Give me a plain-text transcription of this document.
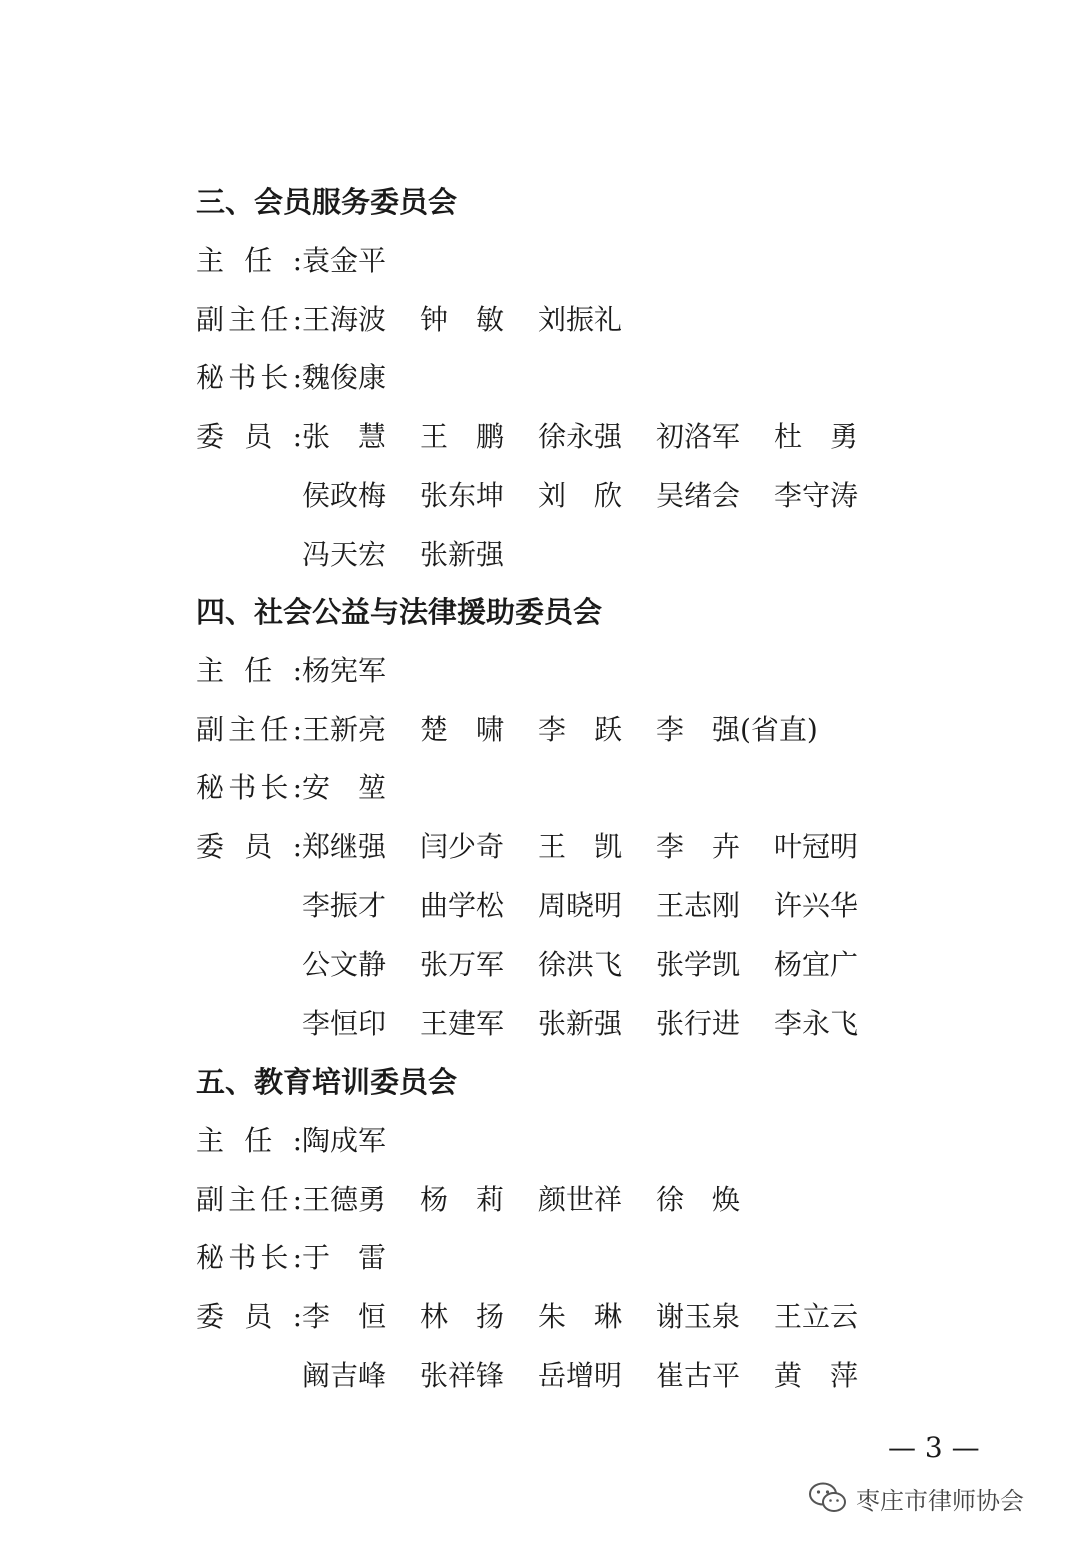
三、会员服务委员会
主 任 : 袁金平
副 主 任 : 王海波 钟　敏 刘振礼
秘 书 长 : 魏俊康
委 员 : 张　慧 王　鹏 徐永强 初洛军 杜　勇
侯政梅 张东坤 刘　欣 吴绪会 李守涛
冯天宏 张新强
四、社会公益与法律援助委员会
主 任 : 杨宪军
副 主 任 : 王新亮 楚　啸 李　跃 李　强(省直)
秘 书 长 : 安　堃
委 员 : 郑继强 闫少奇 王　凯 李　卉 叶冠明
李振才 曲学松 周晓明 王志刚 许兴华
公文静 张万军 徐洪飞 张学凯 杨宜广
李恒印 王建军 张新强 张行进 李永飞
五、教育培训委员会
主 任 : 陶成军
副 主 任 : 王德勇 杨　莉 颜世祥 徐　焕
秘 书 长 : 于　雷
委 员 : 李　恒 林　扬 朱　琳 谢玉泉 王立云
阚吉峰 张祥锋 岳增明 崔古平 黄　萍
— 3 —
枣庄市律师协会
